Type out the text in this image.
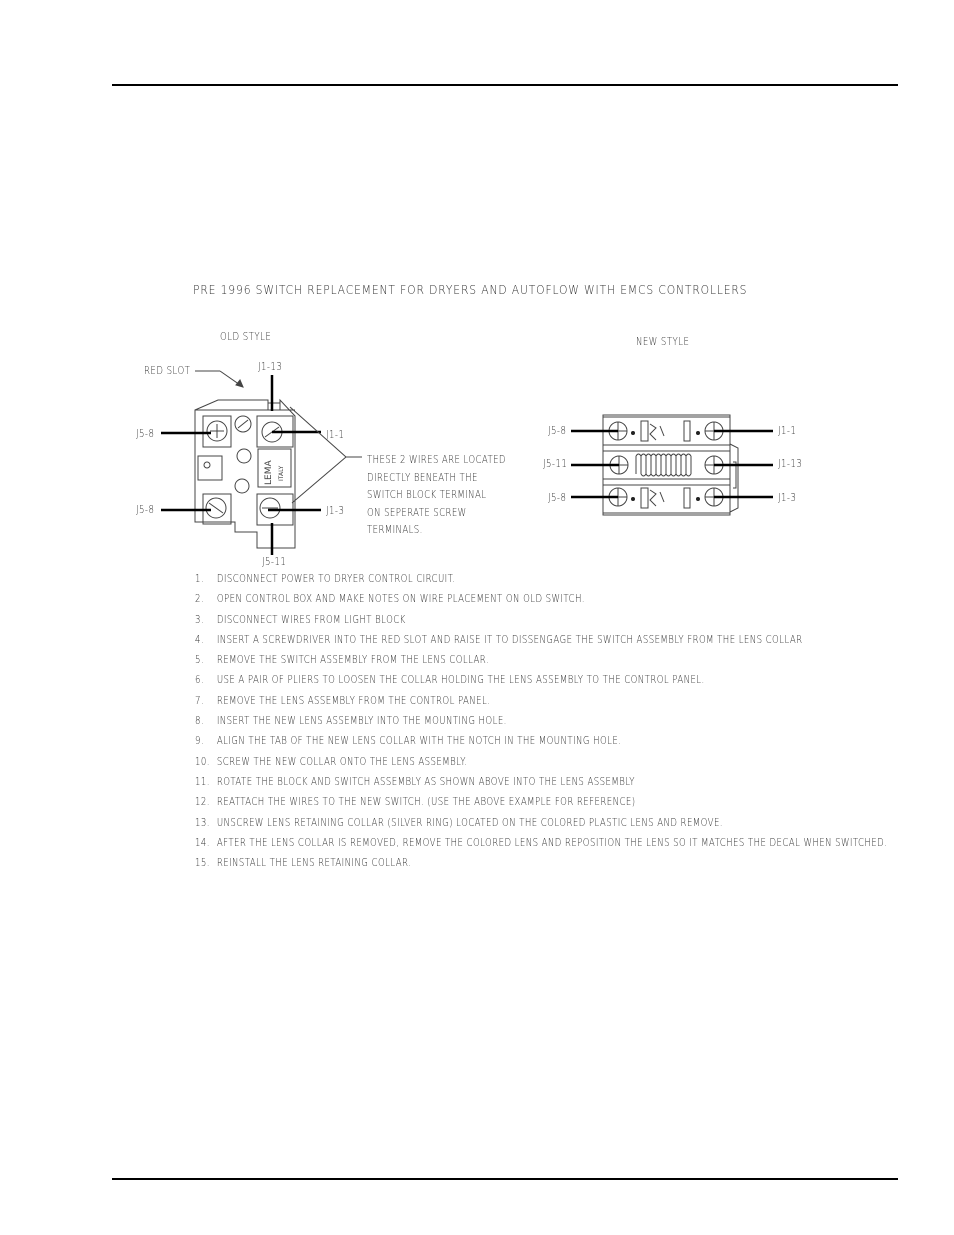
PRE 1996 SWITCH REPLACEMENT FOR DRYERS AND AUTOFLOW WITH EMCS CONTROLLERS
OLD STYLE
RED SLOT	J1-13
J5-8	J1-1
J5-8	J1-3
J5-11
THESE 2 WIRES ARE LOCATED
DIRECTLY BENEATH THE
SWITCH BLOCK TERMINAL
ON SEPERATE SCREW
TERMINALS.
NEW STYLE
J5-8
J5-11
J5-8
J1-1
J1-13
J1-3
LEMA ITALY
1. DISCONNECT POWER TO DRYER CONTROL CIRCUIT.
2. OPEN CONTROL BOX AND MAKE NOTES ON WIRE PLACEMENT ON OLD SWITCH.
3. DISCONNECT WIRES FROM LIGHT BLOCK
4. INSERT A SCREWDRIVER INTO THE RED SLOT AND RAISE IT TO DISSENGAGE THE SWITCH ASSEMBLY FROM THE LENS COLLAR
5. REMOVE THE SWITCH ASSEMBLY FROM THE LENS COLLAR.
6. USE A PAIR OF PLIERS TO LOOSEN THE COLLAR HOLDING THE LENS ASSEMBLY TO THE CONTROL PANEL.
7. REMOVE THE LENS ASSEMBLY FROM THE CONTROL PANEL.
8. INSERT THE NEW LENS ASSEMBLY INTO THE MOUNTING HOLE.
9. ALIGN THE TAB OF THE NEW LENS COLLAR WITH THE NOTCH IN THE MOUNTING HOLE.
10. SCREW THE NEW COLLAR ONTO THE LENS ASSEMBLY.
11. ROTATE THE BLOCK AND SWITCH ASSEMBLY AS SHOWN ABOVE INTO THE LENS ASSEMBLY
12. REATTACH THE WIRES TO THE NEW SWITCH. (USE THE ABOVE EXAMPLE FOR REFERENCE)
13. UNSCREW LENS RETAINING COLLAR (SILVER RING) LOCATED ON THE COLORED PLASTIC LENS AND REMOVE.
14. AFTER THE LENS COLLAR IS REMOVED, REMOVE THE COLORED LENS AND REPOSITION THE LENS SO IT MATCHES THE DECAL WHEN SWITCHED.
15. REINSTALL THE LENS RETAINING COLLAR.
